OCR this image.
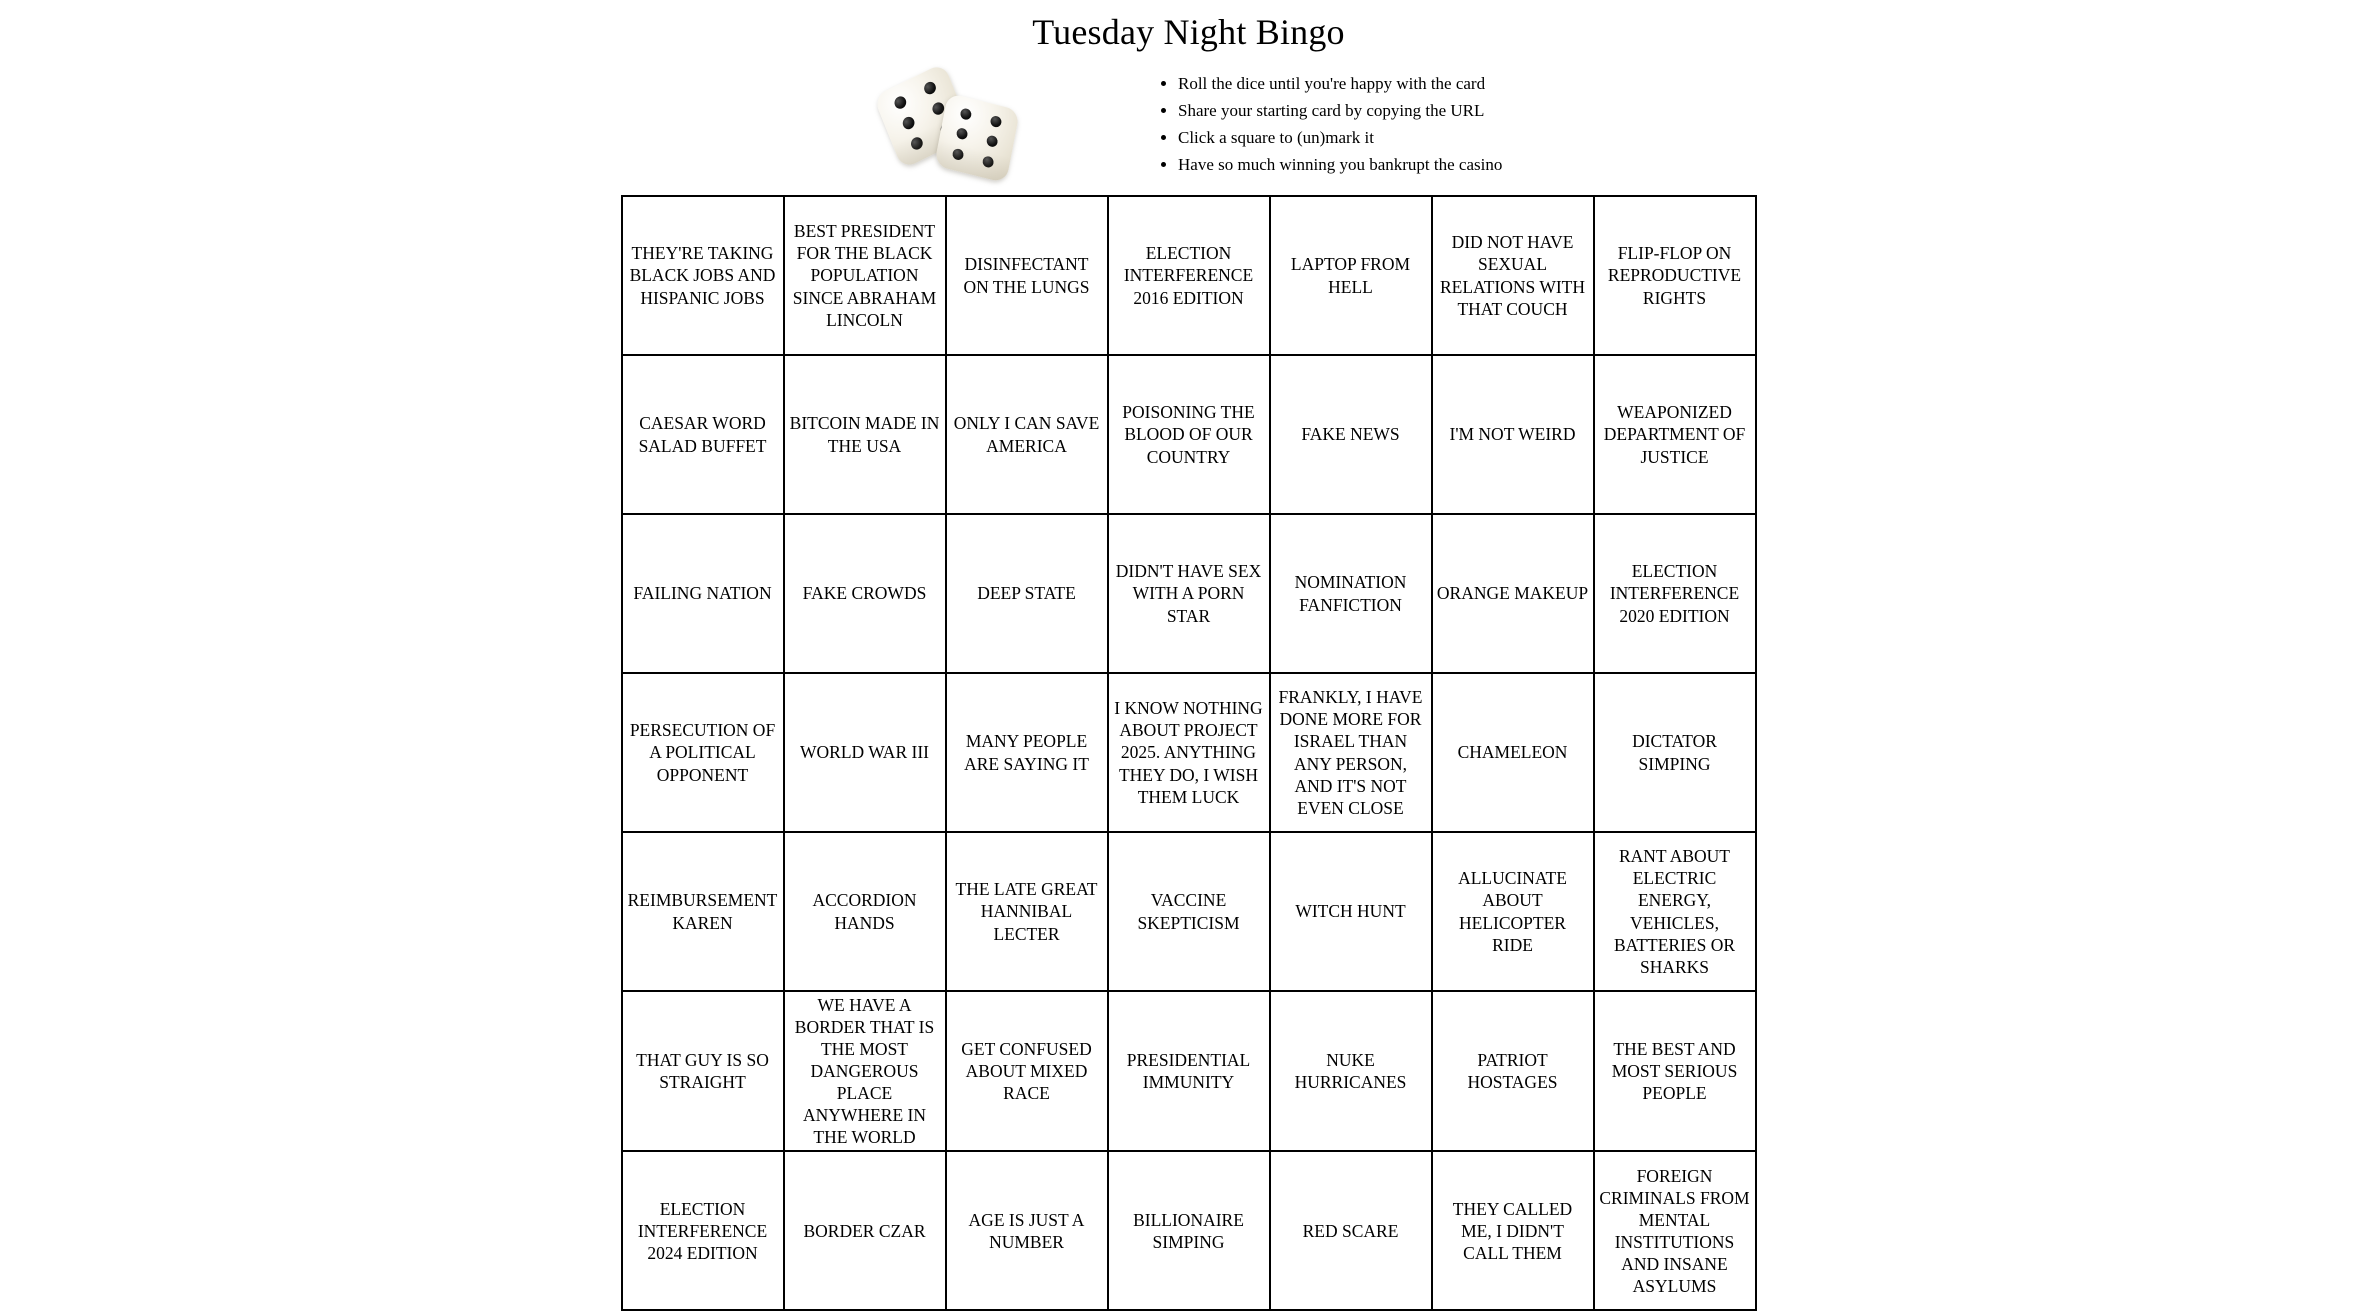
Tuesday Night Bingo
• Roll the dice until you're happy with the card
• Share your starting card by copying the URL
• Click a square to (un)mark it
• Have so much winning you bankrupt the casino
THEY'RE TAKING BLACK JOBS AND HISPANIC JOBS	BEST PRESIDENT FOR THE BLACK POPULATION SINCE ABRAHAM LINCOLN	DISINFECTANT ON THE LUNGS	ELECTION INTERFERENCE 2016 EDITION	LAPTOP FROM HELL	DID NOT HAVE SEXUAL RELATIONS WITH THAT COUCH	FLIP-FLOP ON REPRODUCTIVE RIGHTS
CAESAR WORD SALAD BUFFET	BITCOIN MADE IN THE USA	ONLY I CAN SAVE AMERICA	POISONING THE BLOOD OF OUR COUNTRY	FAKE NEWS	I'M NOT WEIRD	WEAPONIZED DEPARTMENT OF JUSTICE
FAILING NATION	FAKE CROWDS	DEEP STATE	DIDN'T HAVE SEX WITH A PORN STAR	NOMINATION FANFICTION	ORANGE MAKEUP	ELECTION INTERFERENCE 2020 EDITION
PERSECUTION OF A POLITICAL OPPONENT	WORLD WAR III	MANY PEOPLE ARE SAYING IT	I KNOW NOTHING ABOUT PROJECT 2025. ANYTHING THEY DO, I WISH THEM LUCK	FRANKLY, I HAVE DONE MORE FOR ISRAEL THAN ANY PERSON, AND IT'S NOT EVEN CLOSE	CHAMELEON	DICTATOR SIMPING
REIMBURSEMENT KAREN	ACCORDION HANDS	THE LATE GREAT HANNIBAL LECTER	VACCINE SKEPTICISM	WITCH HUNT	ALLUCINATE ABOUT HELICOPTER RIDE	RANT ABOUT ELECTRIC ENERGY, VEHICLES, BATTERIES OR SHARKS
THAT GUY IS SO STRAIGHT	WE HAVE A BORDER THAT IS THE MOST DANGEROUS PLACE ANYWHERE IN THE WORLD	GET CONFUSED ABOUT MIXED RACE	PRESIDENTIAL IMMUNITY	NUKE HURRICANES	PATRIOT HOSTAGES	THE BEST AND MOST SERIOUS PEOPLE
ELECTION INTERFERENCE 2024 EDITION	BORDER CZAR	AGE IS JUST A NUMBER	BILLIONAIRE SIMPING	RED SCARE	THEY CALLED ME, I DIDN'T CALL THEM	FOREIGN CRIMINALS FROM MENTAL INSTITUTIONS AND INSANE ASYLUMS
